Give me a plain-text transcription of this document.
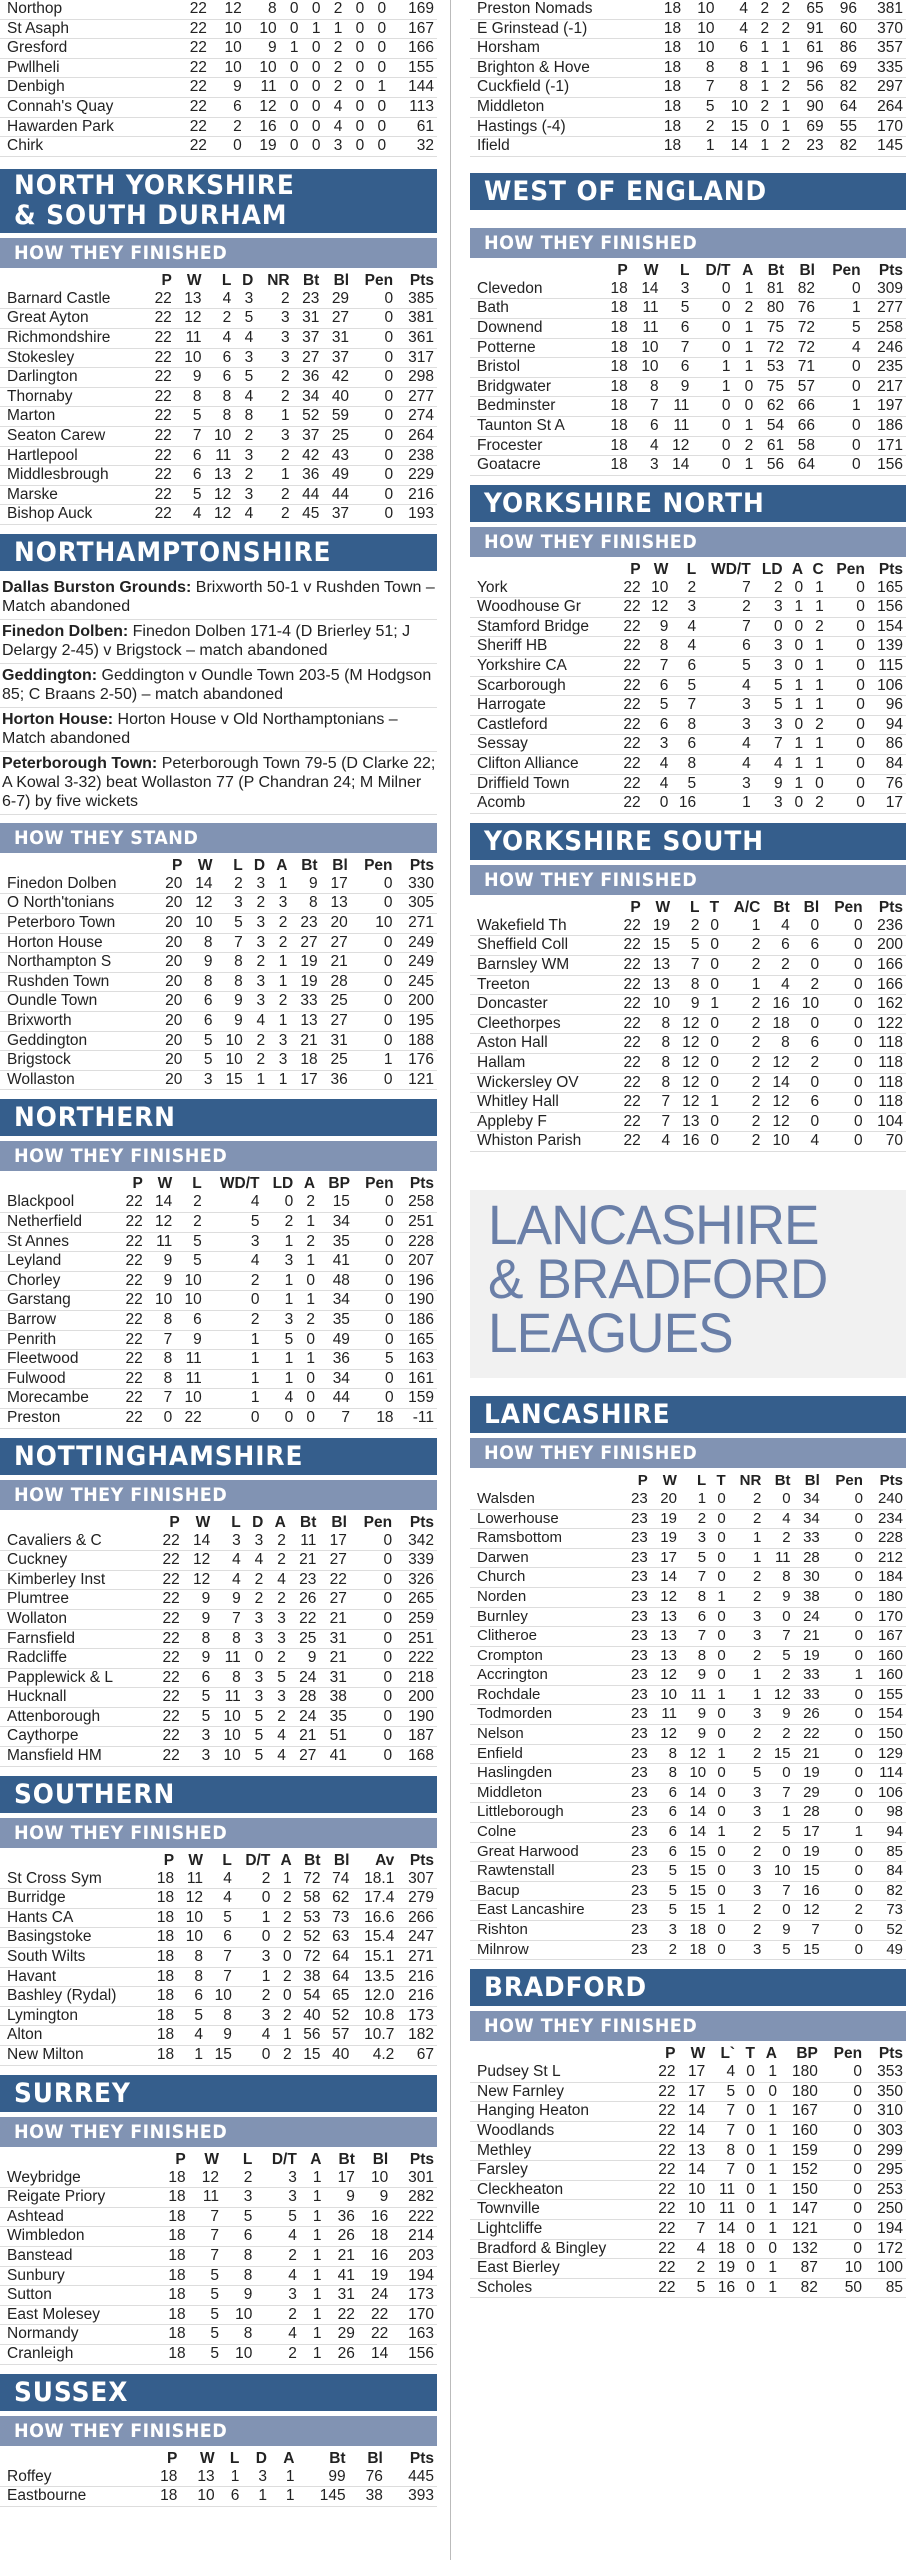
Northop	22	12	8	0	0	2	0	0	169
St Asaph	22	10	10	0	1	1	0	0	167
Gresford	22	10	9	1	0	2	0	0	166
Pwllheli	22	10	10	0	0	2	0	0	155
Denbigh	22	9	11	0	0	2	0	1	144
Connah's Quay	22	6	12	0	0	4	0	0	113
Hawarden Park	22	2	16	0	0	4	0	0	61
Chirk	22	0	19	0	0	3	0	0	32
NORTH YORKSHIRE
& SOUTH DURHAM
HOW THEY FINISHED
	P	W	L	D	NR	Bt	Bl	Pen	Pts
Barnard Castle	22	13	4	3	2	23	29	0	385
Great Ayton	22	12	2	5	3	31	27	0	381
Richmondshire	22	11	4	4	3	37	31	0	361
Stokesley	22	10	6	3	3	27	37	0	317
Darlington	22	9	6	5	2	36	42	0	298
Thornaby	22	8	8	4	2	34	40	0	277
Marton	22	5	8	8	1	52	59	0	274
Seaton Carew	22	7	10	2	3	37	25	0	264
Hartlepool	22	6	11	3	2	42	43	0	238
Middlesbrough	22	6	13	2	1	36	49	0	229
Marske	22	5	12	3	2	44	44	0	216
Bishop Auck	22	4	12	4	2	45	37	0	193
NORTHAMPTONSHIRE

Dallas Burston Grounds: Brixworth 50-1 v Rushden Town – Match abandoned

Finedon Dolben: Finedon Dolben 171-4 (D Brierley 51; J Delargy 2-45) v Brigstock – match abandoned

Geddington: Geddington v Oundle Town 203-5 (M Hodgson 85; C Braans 2-50) – match abandoned

Horton House: Horton House v Old Northamptonians – Match abandoned

Peterborough Town: Peterborough Town 79-5 (D Clarke 22; A Kowal 3-32) beat Wollaston 77 (P Chandran 24; M Milner 6-7) by five wickets

HOW THEY STAND
	P	W	L	D	A	Bt	Bl	Pen	Pts
Finedon Dolben	20	14	2	3	1	9	17	0	330
O North'tonians	20	12	3	2	3	8	13	0	305
Peterboro Town	20	10	5	3	2	23	20	10	271
Horton House	20	8	7	3	2	27	27	0	249
Northampton S	20	9	8	2	1	19	21	0	249
Rushden Town	20	8	8	3	1	19	28	0	245
Oundle Town	20	6	9	3	2	33	25	0	200
Brixworth	20	6	9	4	1	13	27	0	195
Geddington	20	5	10	2	3	21	31	0	188
Brigstock	20	5	10	2	3	18	25	1	176
Wollaston	20	3	15	1	1	17	36	0	121
NORTHERN
HOW THEY FINISHED
	P	W	L	WD/T	LD	A	BP	Pen	Pts
Blackpool	22	14	2	4	0	2	15	0	258
Netherfield	22	12	2	5	2	1	34	0	251
St Annes	22	11	5	3	1	2	35	0	228
Leyland	22	9	5	4	3	1	41	0	207
Chorley	22	9	10	2	1	0	48	0	196
Garstang	22	10	10	0	1	1	34	0	190
Barrow	22	8	6	2	3	2	35	0	186
Penrith	22	7	9	1	5	0	49	0	165
Fleetwood	22	8	11	1	1	1	36	5	163
Fulwood	22	8	11	1	1	0	34	0	161
Morecambe	22	7	10	1	4	0	44	0	159
Preston	22	0	22	0	0	0	7	18	-11
NOTTINGHAMSHIRE
HOW THEY FINISHED
	P	W	L	D	A	Bt	Bl	Pen	Pts
Cavaliers & C	22	14	3	3	2	11	17	0	342
Cuckney	22	12	4	4	2	21	27	0	339
Kimberley Inst	22	12	4	2	4	23	22	0	326
Plumtree	22	9	9	2	2	26	27	0	265
Wollaton	22	9	7	3	3	22	21	0	259
Farnsfield	22	8	8	3	3	25	31	0	251
Radcliffe	22	9	11	0	2	9	21	0	222
Papplewick & L	22	6	8	3	5	24	31	0	218
Hucknall	22	5	11	3	3	28	38	0	200
Attenborough	22	5	10	5	2	24	35	0	190
Caythorpe	22	3	10	5	4	21	51	0	187
Mansfield HM	22	3	10	5	4	27	41	0	168
SOUTHERN
HOW THEY FINISHED
	P	W	L	D/T	A	Bt	Bl	Av	Pts
St Cross Sym	18	11	4	2	1	72	74	18.1	307
Burridge	18	12	4	0	2	58	62	17.4	279
Hants CA	18	10	5	1	2	53	73	16.6	266
Basingstoke	18	10	6	0	2	52	63	15.4	247
South Wilts	18	8	7	3	0	72	64	15.1	271
Havant	18	8	7	1	2	38	64	13.5	216
Bashley (Rydal)	18	6	10	2	0	54	65	12.0	216
Lymington	18	5	8	3	2	40	52	10.8	173
Alton	18	4	9	4	1	56	57	10.7	182
New Milton	18	1	15	0	2	15	40	4.2	67
SURREY
HOW THEY FINISHED
	P	W	L	D/T	A	Bt	Bl	Pts
Weybridge	18	12	2	3	1	17	10	301
Reigate Priory	18	11	3	3	1	9	9	282
Ashtead	18	7	5	5	1	36	16	222
Wimbledon	18	7	6	4	1	26	18	214
Banstead	18	7	8	2	1	21	16	203
Sunbury	18	5	8	4	1	41	19	194
Sutton	18	5	9	3	1	31	24	173
East Molesey	18	5	10	2	1	22	22	170
Normandy	18	5	8	4	1	29	22	163
Cranleigh	18	5	10	2	1	26	14	156
SUSSEX
HOW THEY FINISHED
	P	W	L	D	A	Bt	Bl	Pts
Roffey	18	13	1	3	1	99	76	445
Eastbourne	18	10	6	1	1	145	38	393
Preston Nomads	18	10	4	2	2	65	96	381
E Grinstead (-1)	18	10	4	2	2	91	60	370
Horsham	18	10	6	1	1	61	86	357
Brighton & Hove	18	8	8	1	1	96	69	335
Cuckfield (-1)	18	7	8	1	2	56	82	297
Middleton	18	5	10	2	1	90	64	264
Hastings (-4)	18	2	15	0	1	69	55	170
Ifield	18	1	14	1	2	23	82	145
WEST OF ENGLAND
HOW THEY FINISHED
	P	W	L	D/T	A	Bt	Bl	Pen	Pts
Clevedon	18	14	3	0	1	81	82	0	309
Bath	18	11	5	0	2	80	76	1	277
Downend	18	11	6	0	1	75	72	5	258
Potterne	18	10	7	0	1	72	72	4	246
Bristol	18	10	6	1	1	53	71	0	235
Bridgwater	18	8	9	1	0	75	57	0	217
Bedminster	18	7	11	0	0	62	66	1	197
Taunton St A	18	6	11	0	1	54	66	0	186
Frocester	18	4	12	0	2	61	58	0	171
Goatacre	18	3	14	0	1	56	64	0	156
YORKSHIRE NORTH
HOW THEY FINISHED
	P	W	L	WD/T	LD	A	C	Pen	Pts
York	22	10	2	7	2	0	1	0	165
Woodhouse Gr	22	12	3	2	3	1	1	0	156
Stamford Bridge	22	9	4	7	0	0	2	0	154
Sheriff HB	22	8	4	6	3	0	1	0	139
Yorkshire CA	22	7	6	5	3	0	1	0	115
Scarborough	22	6	5	4	5	1	1	0	106
Harrogate	22	5	7	3	5	1	1	0	96
Castleford	22	6	8	3	3	0	2	0	94
Sessay	22	3	6	4	7	1	1	0	86
Clifton Alliance	22	4	8	4	4	1	1	0	84
Driffield Town	22	4	5	3	9	1	0	0	76
Acomb	22	0	16	1	3	0	2	0	17
YORKSHIRE SOUTH
HOW THEY FINISHED
	P	W	L	T	A/C	Bt	Bl	Pen	Pts
Wakefield Th	22	19	2	0	1	4	0	0	236
Sheffield Coll	22	15	5	0	2	6	6	0	200
Barnsley WM	22	13	7	0	2	2	0	0	166
Treeton	22	13	8	0	1	4	2	0	166
Doncaster	22	10	9	1	2	16	10	0	162
Cleethorpes	22	8	12	0	2	18	0	0	122
Aston Hall	22	8	12	0	2	8	6	0	118
Hallam	22	8	12	0	2	12	2	0	118
Wickersley OV	22	8	12	0	2	14	0	0	118
Whitley Hall	22	7	12	1	2	12	6	0	118
Appleby F	22	7	13	0	2	12	0	0	104
Whiston Parish	22	4	16	0	2	10	4	0	70
LANCASHIRE
& BRADFORD
LEAGUES
LANCASHIRE
HOW THEY FINISHED
	P	W	L	T	NR	Bt	Bl	Pen	Pts
Walsden	23	20	1	0	2	0	34	0	240
Lowerhouse	23	19	2	0	2	4	34	0	234
Ramsbottom	23	19	3	0	1	2	33	0	228
Darwen	23	17	5	0	1	11	28	0	212
Church	23	14	7	0	2	8	30	0	184
Norden	23	12	8	1	2	9	38	0	180
Burnley	23	13	6	0	3	0	24	0	170
Clitheroe	23	13	7	0	3	7	21	0	167
Crompton	23	13	8	0	2	5	19	0	160
Accrington	23	12	9	0	1	2	33	1	160
Rochdale	23	10	11	1	1	12	33	0	155
Todmorden	23	11	9	0	3	9	26	0	154
Nelson	23	12	9	0	2	2	22	0	150
Enfield	23	8	12	1	2	15	21	0	129
Haslingden	23	8	10	0	5	0	19	0	114
Middleton	23	6	14	0	3	7	29	0	106
Littleborough	23	6	14	0	3	1	28	0	98
Colne	23	6	14	1	2	5	17	1	94
Great Harwood	23	6	15	0	2	0	19	0	85
Rawtenstall	23	5	15	0	3	10	15	0	84
Bacup	23	5	15	0	3	7	16	0	82
East Lancashire	23	5	15	1	2	0	12	2	73
Rishton	23	3	18	0	2	9	7	0	52
Milnrow	23	2	18	0	3	5	15	0	49
BRADFORD
HOW THEY FINISHED
	P	W	L`	T	A	BP	Pen	Pts
Pudsey St L	22	17	4	0	1	180	0	353
New Farnley	22	17	5	0	0	180	0	350
Hanging Heaton	22	14	7	0	1	167	0	310
Woodlands	22	14	7	0	1	160	0	303
Methley	22	13	8	0	1	159	0	299
Farsley	22	14	7	0	1	152	0	295
Cleckheaton	22	10	11	0	1	150	0	253
Townville	22	10	11	0	1	147	0	250
Lightcliffe	22	7	14	0	1	121	0	194
Bradford & Bingley	22	4	18	0	0	132	0	172
East Bierley	22	2	19	0	1	87	10	100
Scholes	22	5	16	0	1	82	50	85
